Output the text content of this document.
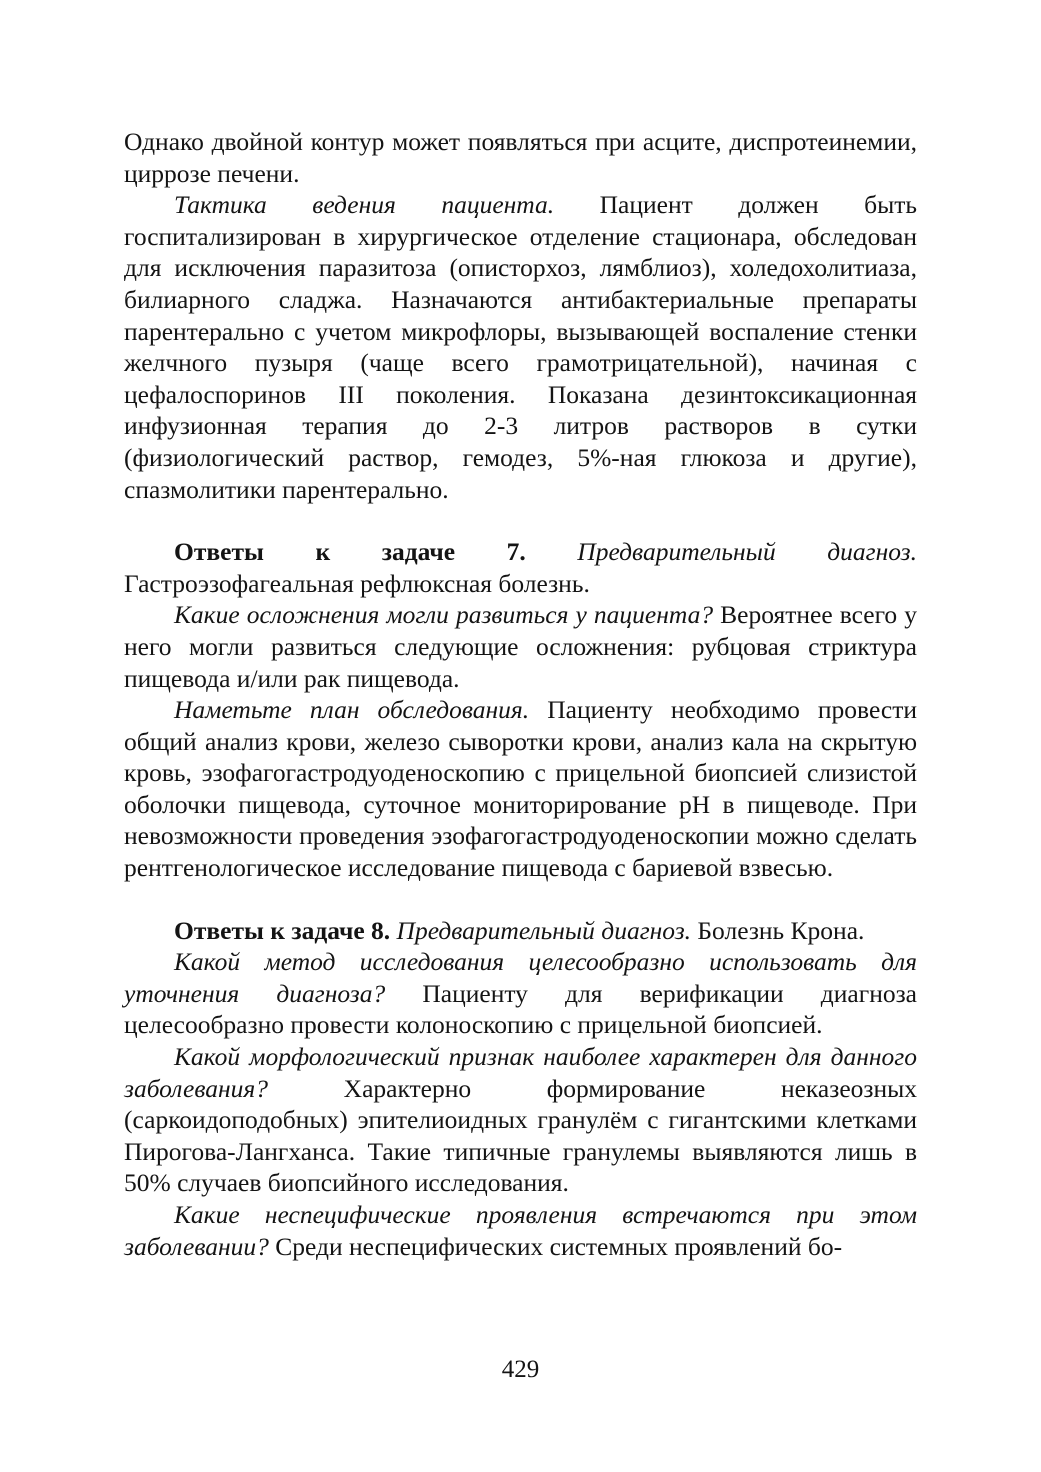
Однако двойной контур может появляться при асците, диспротеинемии, циррозе печени.

Тактика ведения пациента. Пациент должен быть госпитализирован в хирургическое отделение стационара, обследован для исключения паразитоза (описторхоз, лямблиоз), холедохолитиаза, билиарного сладжа. Назначаются антибактериальные препараты парентерально с учетом микрофлоры, вызывающей воспаление стенки желчного пузыря (чаще всего грамотрицательной), начиная с цефалоспоринов III поколения. Показана дезинтоксикационная инфузионная терапия до 2-3 литров растворов в сутки (физиологический раствор, гемодез, 5%-ная глюкоза и другие), спазмолитики парентерально.

Ответы к задаче 7. Предварительный диагноз. Гастроэзофагеальная рефлюксная болезнь.

Какие осложнения могли развиться у пациента? Вероятнее всего у него могли развиться следующие осложнения: рубцовая стриктура пищевода и/или рак пищевода.

Наметьте план обследования. Пациенту необходимо провести общий анализ крови, железо сыворотки крови, анализ кала на скрытую кровь, эзофагогастродуоденоскопию с прицельной биопсией слизистой оболочки пищевода, суточное мониторирование рН в пищеводе. При невозможности проведения эзофагогастродуоденоскопии можно сделать рентгенологическое исследование пищевода с бариевой взвесью.

Ответы к задаче 8. Предварительный диагноз. Болезнь Крона.

Какой метод исследования целесообразно использовать для уточнения диагноза? Пациенту для верификации диагноза целесообразно провести колоноскопию с прицельной биопсией.

Какой морфологический признак наиболее характерен для данного заболевания? Характерно формирование неказеозных (саркоидоподобных) эпителиоидных гранулём с гигантскими клетками Пирогова-Лангханса. Такие типичные гранулемы выявляются лишь в 50% случаев биопсийного исследования.

Какие неспецифические проявления встречаются при этом заболевании? Среди неспецифических системных проявлений бо-

429
